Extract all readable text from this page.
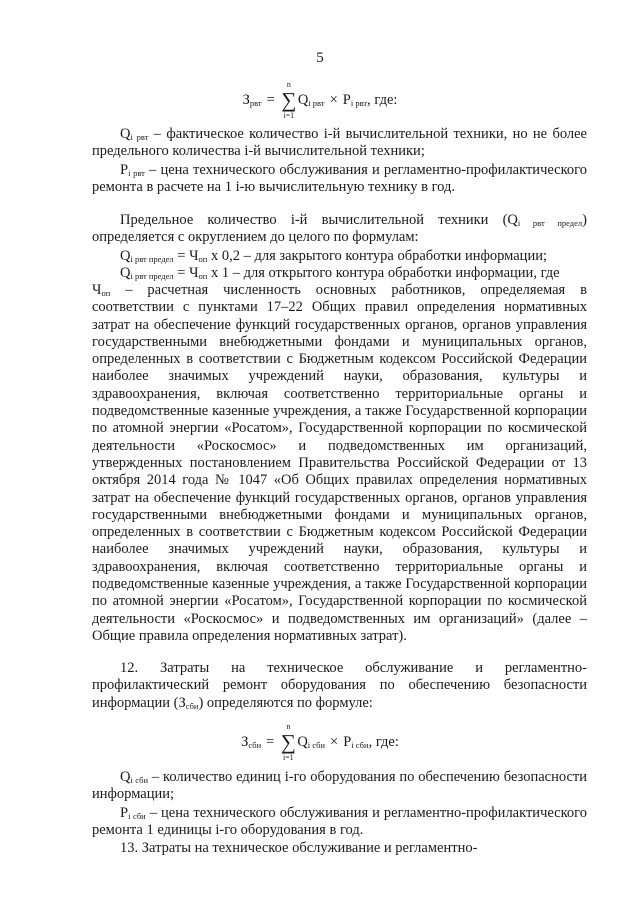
5
$З_{рвт}$ =
n
∑
i=1
$Q_{i рвт} \times P_{i рвт}$ , где:

$Q_{i рвт}$ – фактическое количество i-й вычислительной техники, но не более предельного количества i-й вычислительной техники;

$P_{i рвт}$ – цена технического обслуживания и регламентно-профилактического ремонта в расчете на 1 i-ю вычислительную технику в год.

Предельное количество i-й вычислительной техники $(Q_{i рвт предел})$ определяется с округлением до целого по формулам:

$Q_{i рвт предел} = Ч_{оп}$ х 0,2 – для закрытого контура обработки информации;

$Q_{i рвт предел} = Ч_{оп}$ х 1 – для открытого контура обработки информации, где

$Ч_{оп}$ – расчетная численность основных работников, определяемая в соответствии с пунктами 17–22 Общих правил определения нормативных затрат на обеспечение функций государственных органов, органов управления государственными внебюджетными фондами и муниципальных органов, определенных в соответствии с Бюджетным кодексом Российской Федерации наиболее значимых учреждений науки, образования, культуры и здравоохранения, включая соответственно территориальные органы и подведомственные казенные учреждения, а также Государственной корпорации по атомной энергии «Росатом», Государственной корпорации по космической деятельности «Роскосмос» и подведомственных им организаций, утвержденных постановлением Правительства Российской Федерации от 13 октября 2014 года № 1047 «Об Общих правилах определения нормативных затрат на обеспечение функций государственных органов, органов управления государственными внебюджетными фондами и муниципальных органов, определенных в соответствии с Бюджетным кодексом Российской Федерации наиболее значимых учреждений науки, образования, культуры и здравоохранения, включая соответственно территориальные органы и подведомственные казенные учреждения, а также Государственной корпорации по атомной энергии «Росатом», Государственной корпорации по космической деятельности «Роскосмос» и подведомственных им организаций» (далее – Общие правила определения нормативных затрат).

12. Затраты на техническое обслуживание и регламентно-профилактический ремонт оборудования по обеспечению безопасности информации $(З_{сби})$ определяются по формуле:

$Q_{i сби}$ – количество единиц i-го оборудования по обеспечению безопасности информации;

$P_{i сби}$ – цена технического обслуживания и регламентно-профилактического ремонта 1 единицы i-го оборудования в год.

13. Затраты на техническое обслуживание и регламентно-

$З_{сби}$ =
n
∑
i=1
$Q_{i сби} \times P_{i сби}$ , где:
